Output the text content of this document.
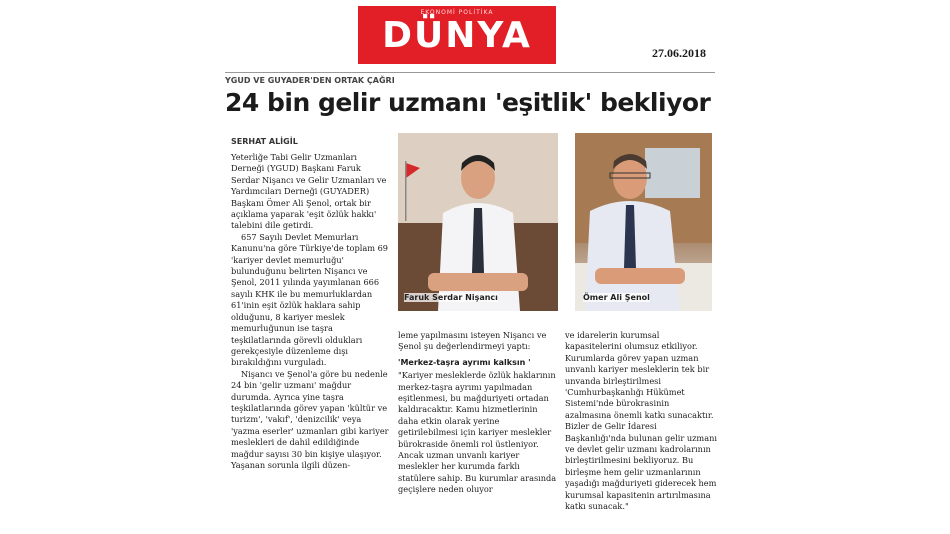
EKONOMİ POLİTİKA
DÜNYA	27.06.2018
YGUD VE GUYADER'DEN ORTAK ÇAĞRI
24 bin gelir uzmanı 'eşitlik' bekliyor
SERHAT ALİGİL

Yeterliğe Tabi Gelir Uzmanları Derneği (YGUD) Başkanı Faruk Serdar Nişancı ve Gelir Uzmanları ve Yardımcıları Derneği (GUYADER) Başkanı Ömer Ali Şenol, ortak bir açıklama yaparak 'eşit özlük hakkı' talebini dile getirdi.

657 Sayılı Devlet Memurları Kanunu'na göre Türkiye'de toplam 69 'kariyer devlet memurluğu' bulunduğunu belirten Nişancı ve Şenol, 2011 yılında yayımlanan 666 sayılı KHK ile bu memurluklardan 61'inin eşit özlük haklara sahip olduğunu, 8 kariyer meslek memurluğunun ise taşra teşkilatlarında görevli oldukları gerekçesiyle düzenleme dışı bırakıldığını vurguladı.

Nişancı ve Şenol'a göre bu nedenle 24 bin 'gelir uzmanı' mağdur durumda. Ayrıca yine taşra teşkilatlarında görev yapan 'kültür ve turizm', 'vakıf', 'denizcilik' veya 'yazma eserler' uzmanları gibi kariyer meslekleri de dahil edildiğinde mağdur sayısı 30 bin kişiye ulaşıyor. Yaşanan sorunla ilgili düzen-

Faruk Serdar Nişancı	Ömer Ali Şenol

leme yapılmasını isteyen Nişancı ve Şenol şu değerlendirmeyi yaptı:

'Merkez-taşra ayrımı kalksın '

"Kariyer mesleklerde özlük haklarının merkez-taşra ayrımı yapılmadan eşitlenmesi, bu mağduriyeti ortadan kaldıracaktır. Kamu hizmetlerinin daha etkin olarak yerine getirilebilmesi için kariyer meslekler bürokraside önemli rol üstleniyor. Ancak uzman unvanlı kariyer meslekler her kurumda farklı statülere sahip. Bu kurumlar arasında geçişlere neden oluyor

ve idarelerin kurumsal kapasitelerini olumsuz etkiliyor. Kurumlarda görev yapan uzman unvanlı kariyer mesleklerin tek bir unvanda birleştirilmesi 'Cumhurbaşkanlığı Hükümet Sistemi'nde bürokrasinin azalmasına önemli katkı sunacaktır. Bizler de Gelir İdaresi Başkanlığı'nda bulunan gelir uzmanı ve devlet gelir uzmanı kadrolarının birleştirilmesini bekliyoruz. Bu birleşme hem gelir uzmanlarının yaşadığı mağduriyeti giderecek hem kurumsal kapasitenin artırılmasına katkı sunacak."
